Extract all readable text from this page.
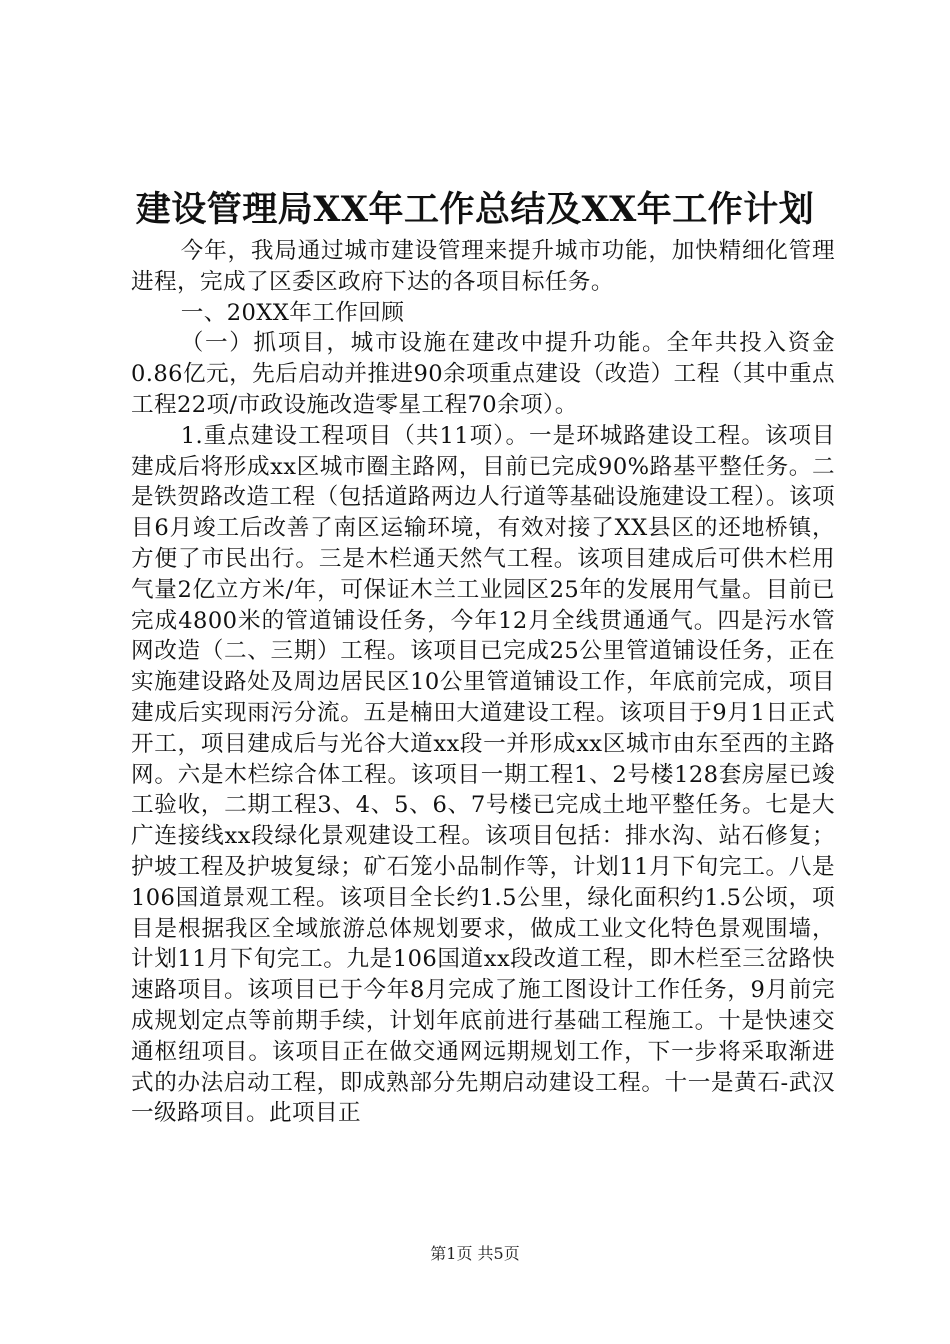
建设管理局XX年工作总结及XX年工作计划

今年，我局通过城市建设管理来提升城市功能，加快精细化管理进程，完成了区委区政府下达的各项目标任务。

一、20XX年工作回顾

（一）抓项目，城市设施在建改中提升功能。全年共投入资金0.86亿元，先后启动并推进90余项重点建设（改造）工程（其中重点工程22项/市政设施改造零星工程70余项）。

1.重点建设工程项目（共11项）。一是环城路建设工程。该项目建成后将形成xx区城市圈主路网，目前已完成90%路基平整任务。二是铁贺路改造工程（包括道路两边人行道等基础设施建设工程）。该项目6月竣工后改善了南区运输环境，有效对接了XX县区的还地桥镇，方便了市民出行。三是木栏通天然气工程。该项目建成后可供木栏用气量2亿立方米/年，可保证木兰工业园区25年的发展用气量。目前已完成4800米的管道铺设任务，今年12月全线贯通通气。四是污水管网改造（二、三期）工程。该项目已完成25公里管道铺设任务，正在实施建设路处及周边居民区10公里管道铺设工作，年底前完成，项目建成后实现雨污分流。五是楠田大道建设工程。该项目于9月1日正式开工，项目建成后与光谷大道xx段一并形成xx区城市由东至西的主路网。六是木栏综合体工程。该项目一期工程1、2号楼128套房屋已竣工验收，二期工程3、4、5、6、7号楼已完成土地平整任务。七是大广连接线xx段绿化景观建设工程。该项目包括：排水沟、站石修复；护坡工程及护坡复绿；矿石笼小品制作等，计划11月下旬完工。八是106国道景观工程。该项目全长约1.5公里，绿化面积约1.5公顷，项目是根据我区全域旅游总体规划要求，做成工业文化特色景观围墙，计划11月下旬完工。九是106国道xx段改道工程，即木栏至三岔路快速路项目。该项目已于今年8月完成了施工图设计工作任务，9月前完成规划定点等前期手续，计划年底前进行基础工程施工。十是快速交通枢纽项目。该项目正在做交通网远期规划工作，下一步将采取渐进式的办法启动工程，即成熟部分先期启动建设工程。十一是黄石-武汉一级路项目。此项目正

第1页 共5页
